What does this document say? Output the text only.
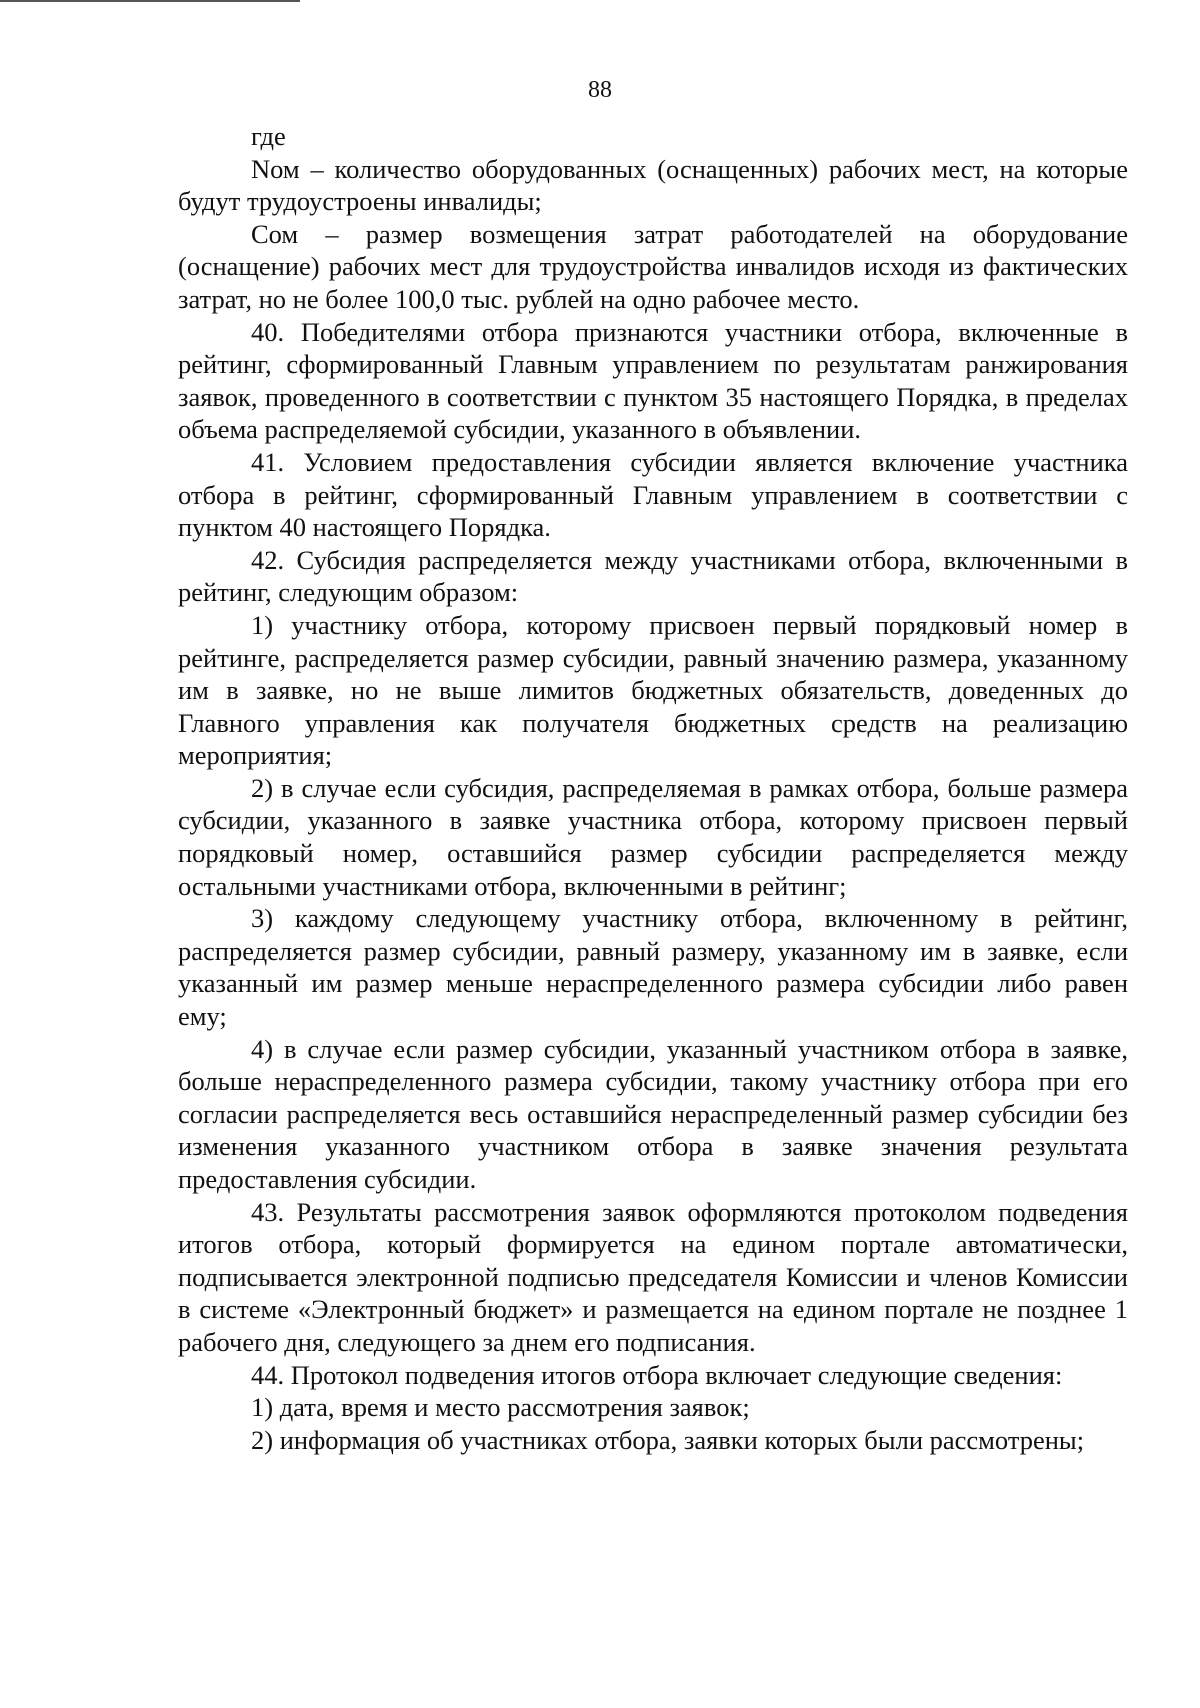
88

где

Nом – количество оборудованных (оснащенных) рабочих мест, на которые будут трудоустроены инвалиды;

Cом – размер возмещения затрат работодателей на оборудование (оснащение) рабочих мест для трудоустройства инвалидов исходя из фактических затрат, но не более 100,0 тыс. рублей на одно рабочее место.

40. Победителями отбора признаются участники отбора, включенные в рейтинг, сформированный Главным управлением по результатам ранжирования заявок, проведенного в соответствии с пунктом 35 настоящего Порядка, в пределах объема распределяемой субсидии, указанного в объявлении.

41. Условием предоставления субсидии является включение участника отбора в рейтинг, сформированный Главным управлением в соответствии с пунктом 40 настоящего Порядка.

42. Субсидия распределяется между участниками отбора, включенными в рейтинг, следующим образом:

1) участнику отбора, которому присвоен первый порядковый номер в рейтинге, распределяется размер субсидии, равный значению размера, указанному им в заявке, но не выше лимитов бюджетных обязательств, доведенных до Главного управления как получателя бюджетных средств на реализацию мероприятия;

2) в случае если субсидия, распределяемая в рамках отбора, больше размера субсидии, указанного в заявке участника отбора, которому присвоен первый порядковый номер, оставшийся размер субсидии распределяется между остальными участниками отбора, включенными в рейтинг;

3) каждому следующему участнику отбора, включенному в рейтинг, распределяется размер субсидии, равный размеру, указанному им в заявке, если указанный им размер меньше нераспределенного размера субсидии либо равен ему;

4) в случае если размер субсидии, указанный участником отбора в заявке, больше нераспределенного размера субсидии, такому участнику отбора при его согласии распределяется весь оставшийся нераспределенный размер субсидии без изменения указанного участником отбора в заявке значения результата предоставления субсидии.

43. Результаты рассмотрения заявок оформляются протоколом подведения итогов отбора, который формируется на едином портале автоматически, подписывается электронной подписью председателя Комиссии и членов Комиссии в системе «Электронный бюджет» и размещается на едином портале не позднее 1 рабочего дня, следующего за днем его подписания.

44. Протокол подведения итогов отбора включает следующие сведения:

1) дата, время и место рассмотрения заявок;

2) информация об участниках отбора, заявки которых были рассмотрены;
